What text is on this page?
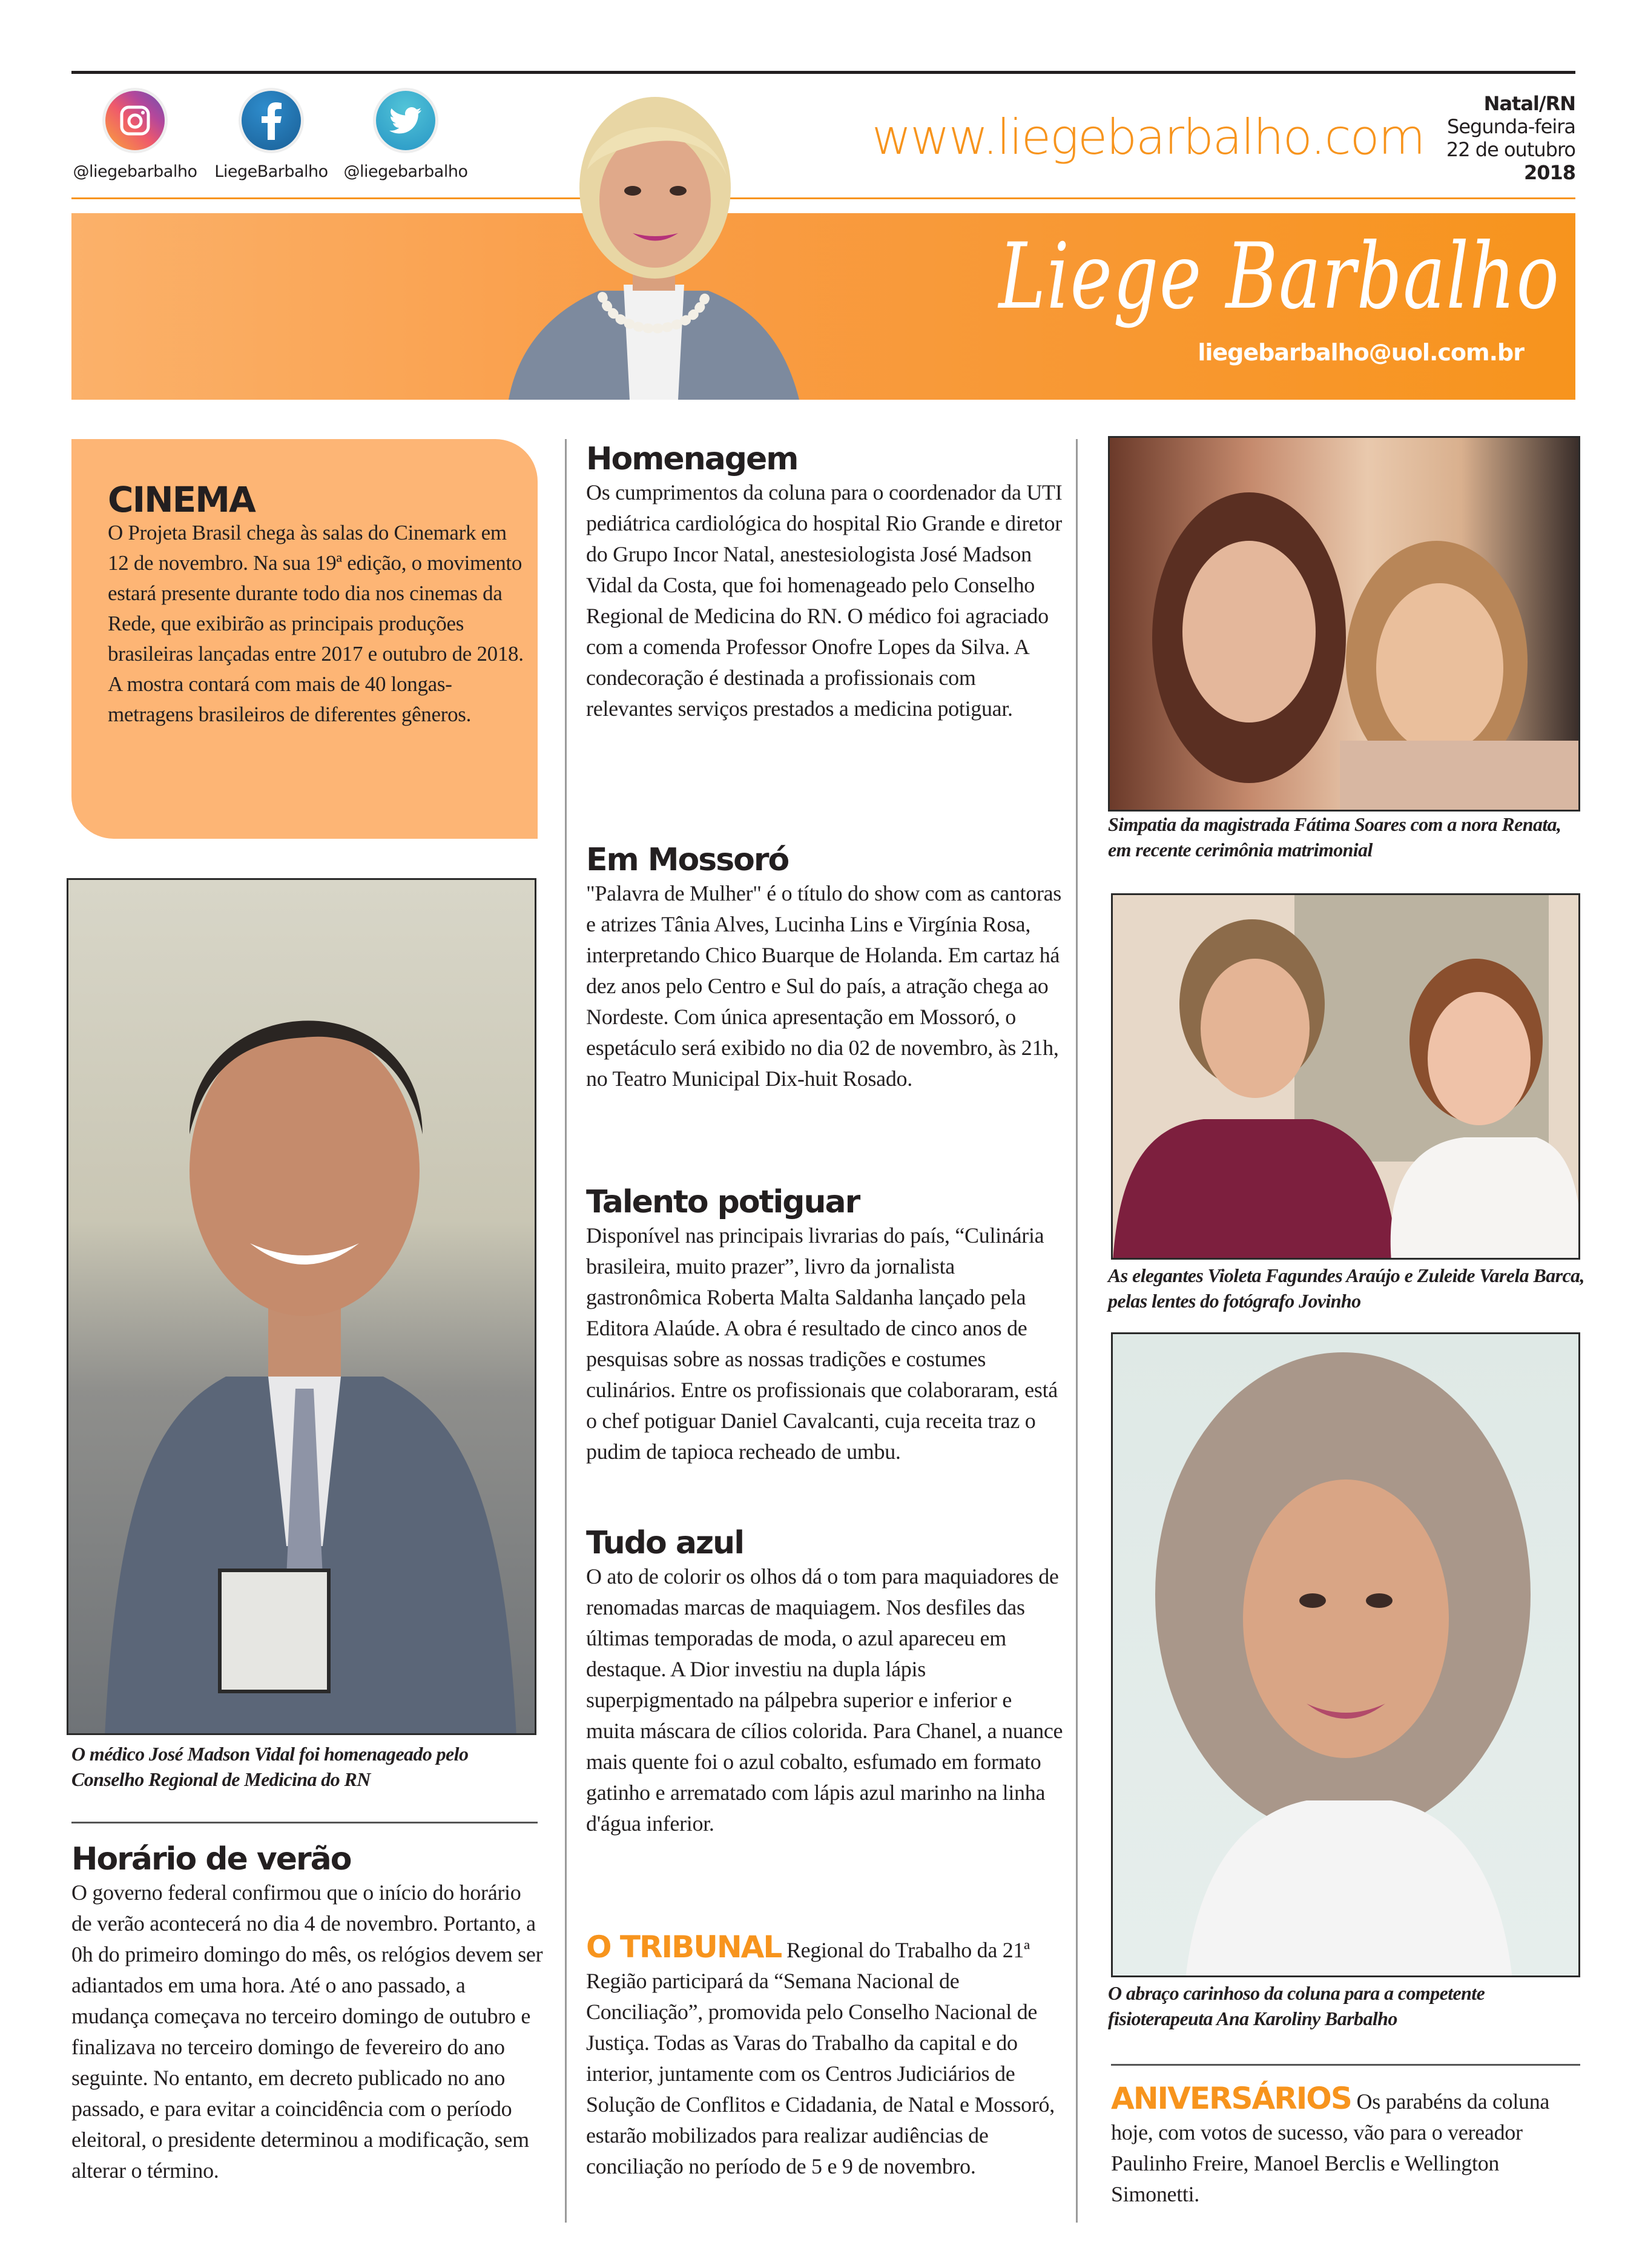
@liegebarbalho	LiegeBarbalho @liegebarbalho
www.liegebarbalho.com
Natal/RN
Segunda-feira
22 de outubro
2018
Liege Barbalho
liegebarbalho@uol.com.br
CINEMA
O Projeta Brasil chega às salas do Cinemark em 12 de novembro. Na sua 19ª edição, o movimento estará presente durante todo dia nos cinemas da Rede, que exibirão as principais produções brasileiras lançadas entre 2017 e outubro de 2018. A mostra contará com mais de 40 longas-metragens brasileiros de diferentes gêneros.
O médico José Madson Vidal foi homenageado pelo Conselho Regional de Medicina do RN
Horário de verão
O governo federal confirmou que o início do horário de verão acontecerá no dia 4 de novembro. Portanto, a 0h do primeiro domingo do mês, os relógios devem ser adiantados em uma hora. Até o ano passado, a mudança começava no terceiro domingo de outubro e finalizava no terceiro domingo de fevereiro do ano seguinte. No entanto, em decreto publicado no ano passado, e para evitar a coincidência com o período eleitoral, o presidente determinou a modificação, sem alterar o término.
Homenagem
Os cumprimentos da coluna para o coordenador da UTI pediátrica cardiológica do hospital Rio Grande e diretor do Grupo Incor Natal, anestesiologista José Madson Vidal da Costa, que foi homenageado pelo Conselho Regional de Medicina do RN. O médico foi agraciado com a comenda Professor Onofre Lopes da Silva. A condecoração é destinada a profissionais com relevantes serviços prestados a medicina potiguar.
Em Mossoró
"Palavra de Mulher" é o título do show com as cantoras e atrizes Tânia Alves, Lucinha Lins e Virgínia Rosa, interpretando Chico Buarque de Holanda. Em cartaz há dez anos pelo Centro e Sul do país, a atração chega ao Nordeste. Com única apresentação em Mossoró, o espetáculo será exibido no dia 02 de novembro, às 21h, no Teatro Municipal Dix-huit Rosado.
Talento potiguar
Disponível nas principais livrarias do país, “Culinária brasileira, muito prazer”, livro da jornalista gastronômica Roberta Malta Saldanha lançado pela Editora Alaúde. A obra é resultado de cinco anos de pesquisas sobre as nossas tradições e costumes culinários. Entre os profissionais que colaboraram, está o chef potiguar Daniel Cavalcanti, cuja receita traz o pudim de tapioca recheado de umbu.
Tudo azul
O ato de colorir os olhos dá o tom para maquiadores de renomadas marcas de maquiagem. Nos desfiles das últimas temporadas de moda, o azul apareceu em destaque. A Dior investiu na dupla lápis superpigmentado na pálpebra superior e inferior e muita máscara de cílios colorida. Para Chanel, a nuance mais quente foi o azul cobalto, esfumado em formato gatinho e arrematado com lápis azul marinho na linha d'água inferior.
O TRIBUNAL Regional do Trabalho da 21ª Região participará da “Semana Nacional de Conciliação”, promovida pelo Conselho Nacional de Justiça. Todas as Varas do Trabalho da capital e do interior, juntamente com os Centros Judiciários de Solução de Conflitos e Cidadania, de Natal e Mossoró, estarão mobilizados para realizar audiências de conciliação no período de 5 e 9 de novembro.
Simpatia da magistrada Fátima Soares com a nora Renata, em recente cerimônia matrimonial
As elegantes Violeta Fagundes Araújo e Zuleide Varela Barca, pelas lentes do fotógrafo Jovinho
O abraço carinhoso da coluna para a competente fisioterapeuta Ana Karoliny Barbalho
ANIVERSÁRIOS Os parabéns da coluna hoje, com votos de sucesso, vão para o vereador Paulinho Freire, Manoel Berclis e Wellington Simonetti.
